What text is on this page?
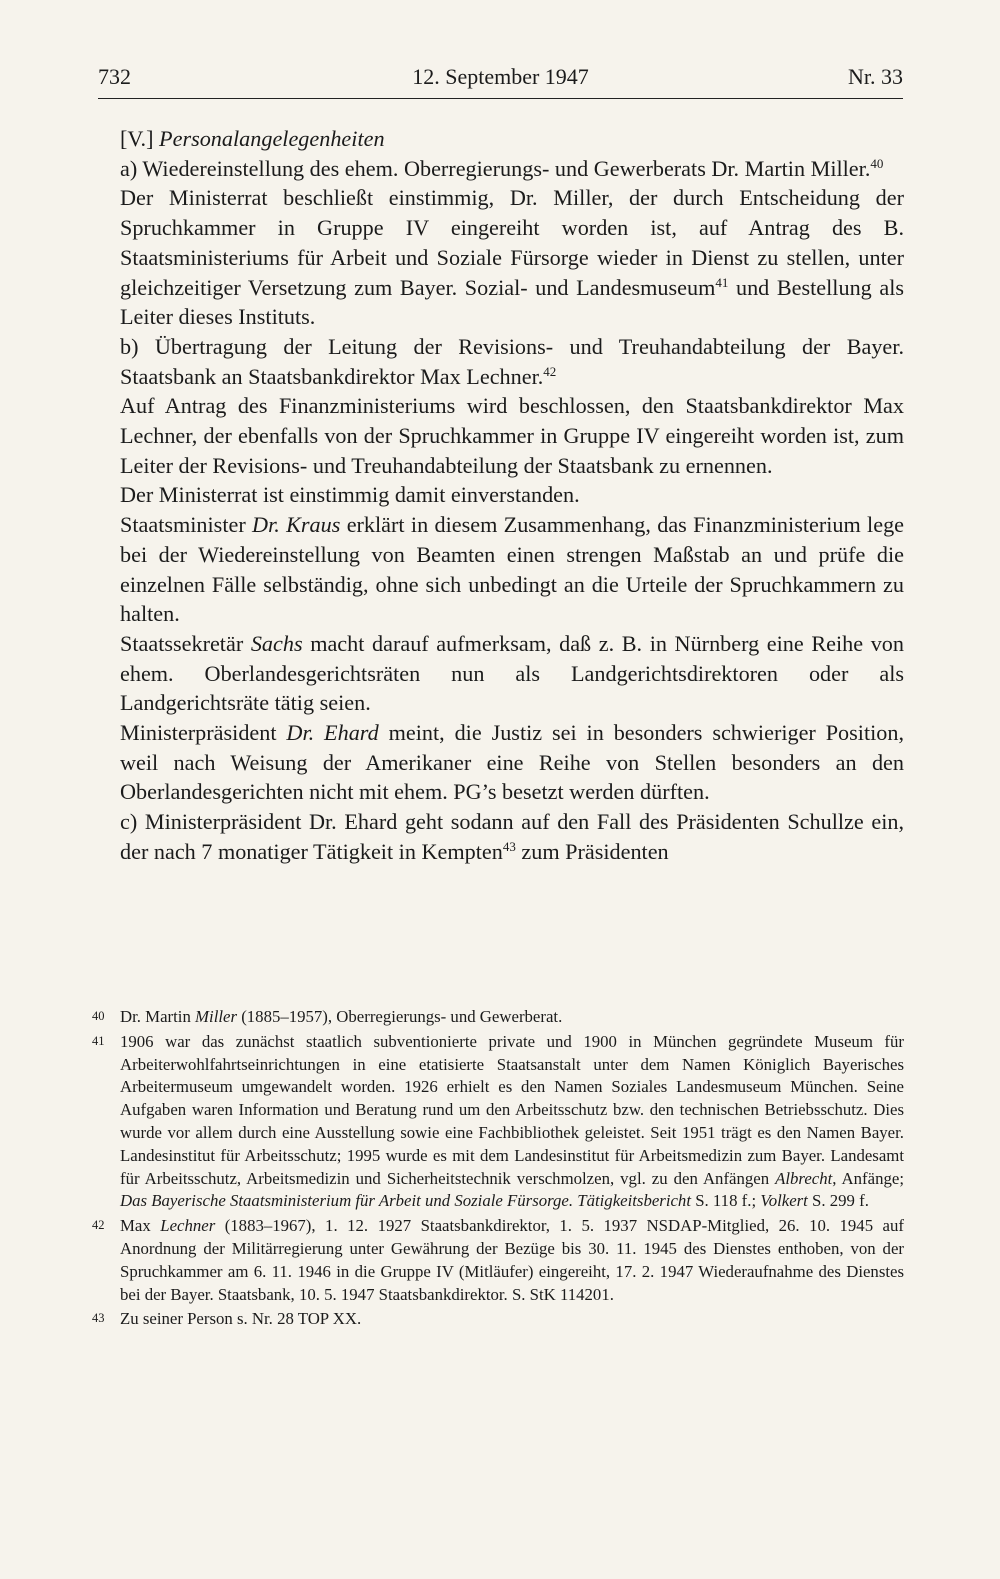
732	12. September 1947	Nr. 33

[V.] Personalangelegenheiten

a) Wiedereinstellung des ehem. Oberregierungs- und Gewerberats Dr. Martin Miller.$^{40}$

Der Ministerrat beschließt einstimmig, Dr. Miller, der durch Entscheidung der Spruchkammer in Gruppe IV eingereiht worden ist, auf Antrag des B. Staatsministeriums für Arbeit und Soziale Fürsorge wieder in Dienst zu stellen, unter gleichzeitiger Versetzung zum Bayer. Sozial- und Landesmuseum$^{41}$ und Bestellung als Leiter dieses Instituts.

b) Übertragung der Leitung der Revisions- und Treuhandabteilung der Bayer. Staatsbank an Staatsbankdirektor Max Lechner.$^{42}$

Auf Antrag des Finanzministeriums wird beschlossen, den Staatsbankdirektor Max Lechner, der ebenfalls von der Spruchkammer in Gruppe IV eingereiht worden ist, zum Leiter der Revisions- und Treuhandabteilung der Staatsbank zu ernennen.

Der Ministerrat ist einstimmig damit einverstanden.

Staatsminister Dr. Kraus erklärt in diesem Zusammenhang, das Finanzministerium lege bei der Wiedereinstellung von Beamten einen strengen Maßstab an und prüfe die einzelnen Fälle selbständig, ohne sich unbedingt an die Urteile der Spruchkammern zu halten.

Staatssekretär Sachs macht darauf aufmerksam, daß z. B. in Nürnberg eine Reihe von ehem. Oberlandesgerichtsräten nun als Landgerichtsdirektoren oder als Landgerichtsräte tätig seien.

Ministerpräsident Dr. Ehard meint, die Justiz sei in besonders schwieriger Position, weil nach Weisung der Amerikaner eine Reihe von Stellen besonders an den Oberlandesgerichten nicht mit ehem. PG’s besetzt werden dürften.

c) Ministerpräsident Dr. Ehard geht sodann auf den Fall des Präsidenten Schullze ein, der nach 7 monatiger Tätigkeit in Kempten$^{43}$ zum Präsidenten

40 Dr. Martin Miller (1885–1957), Oberregierungs- und Gewerberat.
41 1906 war das zunächst staatlich subventionierte private und 1900 in München gegründete Museum für Arbeiterwohlfahrtseinrichtungen in eine etatisierte Staatsanstalt unter dem Namen Königlich Bayerisches Arbeitermuseum umgewandelt worden. 1926 erhielt es den Namen Soziales Landesmuseum München. Seine Aufgaben waren Information und Beratung rund um den Arbeitsschutz bzw. den technischen Betriebsschutz. Dies wurde vor allem durch eine Ausstellung sowie eine Fachbibliothek geleistet. Seit 1951 trägt es den Namen Bayer. Landesinstitut für Arbeitsschutz; 1995 wurde es mit dem Landesinstitut für Arbeitsmedizin zum Bayer. Landesamt für Arbeitsschutz, Arbeitsmedizin und Sicherheitstechnik verschmolzen, vgl. zu den Anfängen Albrecht, Anfänge; Das Bayerische Staatsministerium für Arbeit und Soziale Fürsorge. Tätigkeitsbericht S. 118 f.; Volkert S. 299 f.
42 Max Lechner (1883–1967), 1. 12. 1927 Staatsbankdirektor, 1. 5. 1937 NSDAP-Mitglied, 26. 10. 1945 auf Anordnung der Militärregierung unter Gewährung der Bezüge bis 30. 11. 1945 des Dienstes enthoben, von der Spruchkammer am 6. 11. 1946 in die Gruppe IV (Mitläufer) eingereiht, 17. 2. 1947 Wiederaufnahme des Dienstes bei der Bayer. Staatsbank, 10. 5. 1947 Staatsbankdirektor. S. StK 114201.
43 Zu seiner Person s. Nr. 28 TOP XX.
